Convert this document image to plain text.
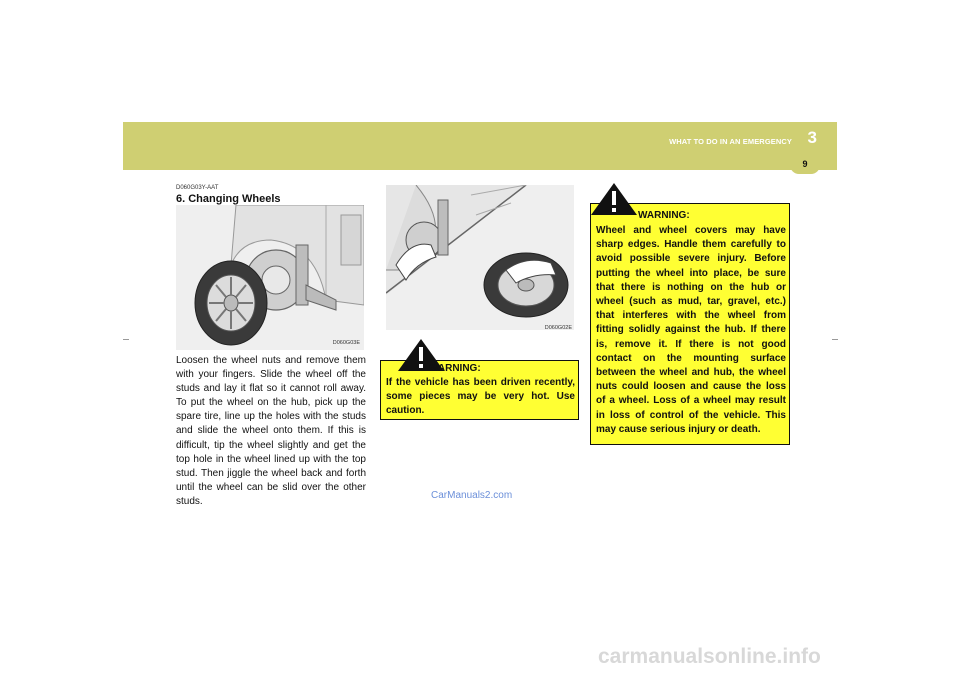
WHAT TO DO IN AN EMERGENCY 3
9
D060G03Y-AAT
6. Changing Wheels
D060G03E
Loosen the wheel nuts and remove them with your fingers. Slide the wheel off the studs and lay it flat so it cannot roll away. To put the wheel on the hub, pick up the spare tire, line up the holes with the studs and slide the wheel onto them. If this is difficult, tip the wheel slightly and get the top hole in the wheel lined up with the top stud. Then jiggle the wheel back and forth until the wheel can be slid over the other studs.
D060G02E
WARNING:
If the vehicle has been driven recently, some pieces may be very hot. Use caution.
WARNING:
Wheel and wheel covers may have sharp edges. Handle them carefully to avoid possible severe injury. Before putting the wheel into place, be sure that there is nothing on the hub or wheel (such as mud, tar, gravel, etc.) that interferes with the wheel from fitting solidly against the hub. If there is, remove it. If there is not good contact on the mounting surface between the wheel and hub, the wheel nuts could loosen and cause the loss of a wheel. Loss of a wheel may result in loss of control of the vehicle. This may cause serious injury or death.
CarManuals2.com
carmanualsonline.info
